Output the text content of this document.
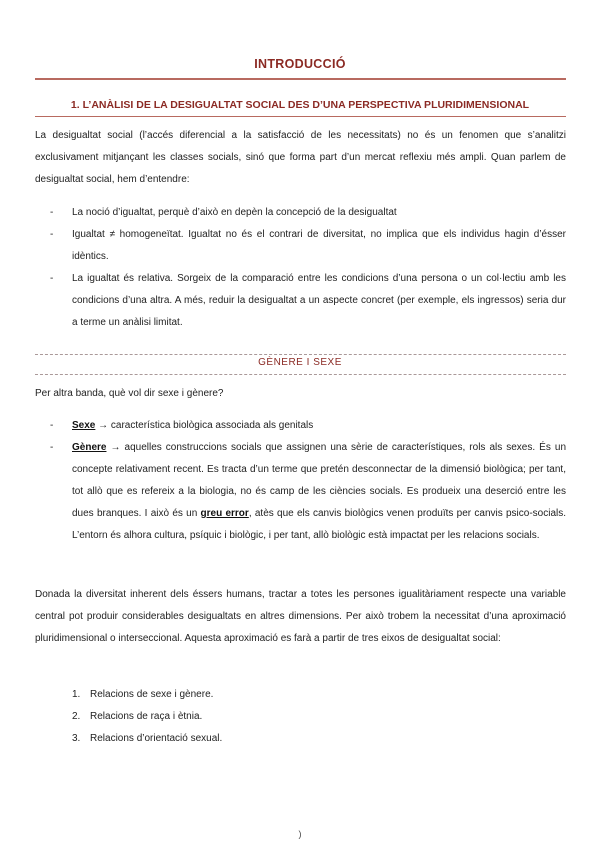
INTRODUCCIÓ
1. L’ANÀLISI DE LA DESIGUALTAT SOCIAL DES D’UNA PERSPECTIVA PLURIDIMENSIONAL

La desigualtat social (l’accés diferencial a la satisfacció de les necessitats) no és un fenomen que s’analitzi exclusivament mitjançant les classes socials, sinó que forma part d’un mercat reflexiu més ampli. Quan parlem de desigualtat social, hem d’entendre:

- La noció d’igualtat, perquè d’això en depèn la concepció de la desigualtat
- Igualtat ≠ homogeneïtat. Igualtat no és el contrari de diversitat, no implica que els individus hagin d’ésser idèntics.
- La igualtat és relativa. Sorgeix de la comparació entre les condicions d’una persona o un col·lectiu amb les condicions d’una altra. A més, reduir la desigualtat a un aspecte concret (per exemple, els ingressos) seria dur a terme un anàlisi limitat.
GÈNERE I SEXE

Per altra banda, què vol dir sexe i gènere?

- Sexe → característica biològica associada als genitals
- Gènere → aquelles construccions socials que assignen una sèrie de característiques, rols als sexes. És un concepte relativament recent. Es tracta d’un terme que pretén desconnectar de la dimensió biològica; per tant, tot allò que es refereix a la biologia, no és camp de les ciències socials. Es produeix una deserció entre les dues branques. I això és un greu error, atès que els canvis biològics venen produïts per canvis psico-socials. L’entorn és alhora cultura, psíquic i biològic, i per tant, allò biològic està impactat per les relacions socials.

Donada la diversitat inherent dels éssers humans, tractar a totes les persones igualitàriament respecte una variable central pot produir considerables desigualtats en altres dimensions. Per això trobem la necessitat d’una aproximació pluridimensional o interseccional. Aquesta aproximació es farà a partir de tres eixos de desigualtat social:

1. Relacions de sexe i gènere.
2. Relacions de raça i ètnia.
3. Relacions d’orientació sexual.
)
